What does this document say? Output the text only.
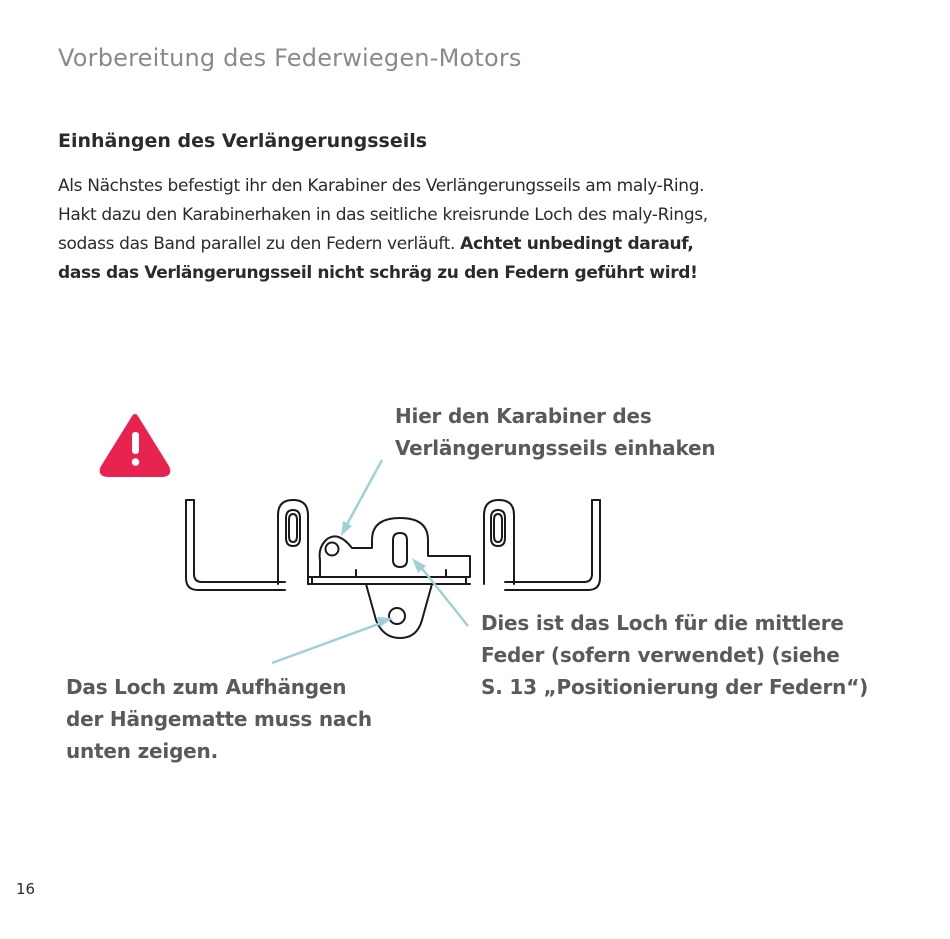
Vorbereitung des Federwiegen-Motors
Einhängen des Verlängerungsseils
Als Nächstes befestigt ihr den Karabiner des Verlängerungsseils am maly-Ring.
Hakt dazu den Karabinerhaken in das seitliche kreisrunde Loch des maly-Rings,
sodass das Band parallel zu den Federn verläuft. Achtet unbedingt darauf,
dass das Verlängerungsseil nicht schräg zu den Federn geführt wird!
Hier den Karabiner des
Verlängerungsseils einhaken
Dies ist das Loch für die mittlere
Feder (sofern verwendet) (siehe
S. 13 „Positionierung der Federn“)
Das Loch zum Aufhängen
der Hängematte muss nach
unten zeigen.
16
